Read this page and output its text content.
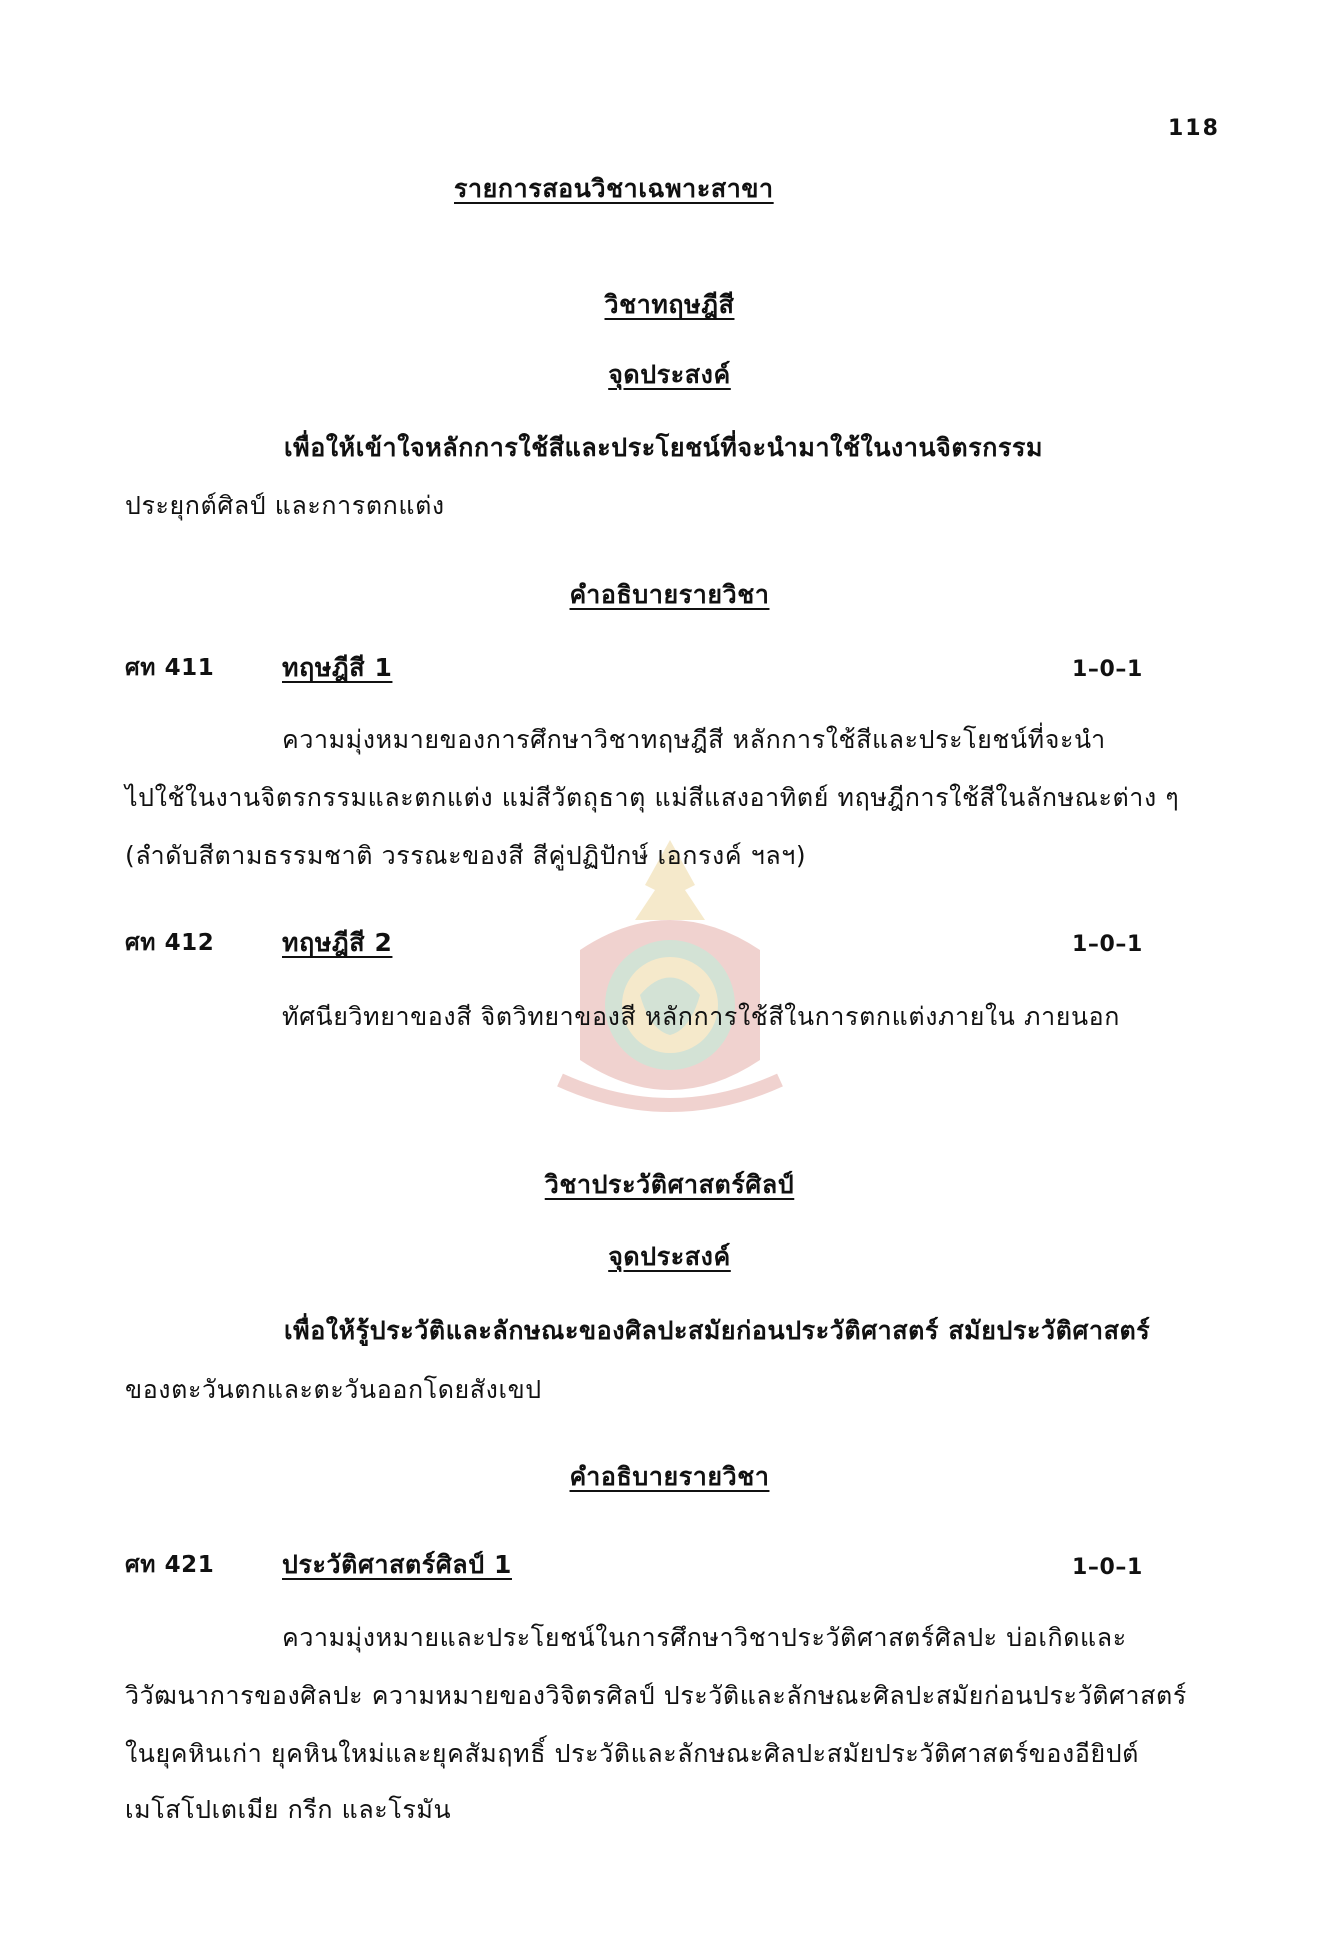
118
รายการสอนวิชาเฉพาะสาขา
วิชาทฤษฎีสี
จุดประสงค์
เพื่อให้เข้าใจหลักการใช้สีและประโยชน์ที่จะนำมาใช้ในงานจิตรกรรม
ประยุกต์ศิลป์ และการตกแต่ง
คำอธิบายรายวิชา
ศท 411	ทฤษฎีสี 1	1–0–1
ความมุ่งหมายของการศึกษาวิชาทฤษฎีสี หลักการใช้สีและประโยชน์ที่จะนำ
ไปใช้ในงานจิตรกรรมและตกแต่ง แม่สีวัตถุธาตุ แม่สีแสงอาทิตย์ ทฤษฎีการใช้สีในลักษณะต่าง ๆ
(ลำดับสีตามธรรมชาติ วรรณะของสี สีคู่ปฏิปักษ์ เอกรงค์ ฯลฯ)
ศท 412	ทฤษฎีสี 2	1–0–1
ทัศนียวิทยาของสี จิตวิทยาของสี หลักการใช้สีในการตกแต่งภายใน ภายนอก
วิชาประวัติศาสตร์ศิลป์
จุดประสงค์
เพื่อให้รู้ประวัติและลักษณะของศิลปะสมัยก่อนประวัติศาสตร์ สมัยประวัติศาสตร์
ของตะวันตกและตะวันออกโดยสังเขป
คำอธิบายรายวิชา
ศท 421	ประวัติศาสตร์ศิลป์ 1	1–0–1
ความมุ่งหมายและประโยชน์ในการศึกษาวิชาประวัติศาสตร์ศิลปะ บ่อเกิดและ
วิวัฒนาการของศิลปะ ความหมายของวิจิตรศิลป์ ประวัติและลักษณะศิลปะสมัยก่อนประวัติศาสตร์
ในยุคหินเก่า ยุคหินใหม่และยุคสัมฤทธิ์ ประวัติและลักษณะศิลปะสมัยประวัติศาสตร์ของอียิปต์
เมโสโปเตเมีย กรีก และโรมัน
